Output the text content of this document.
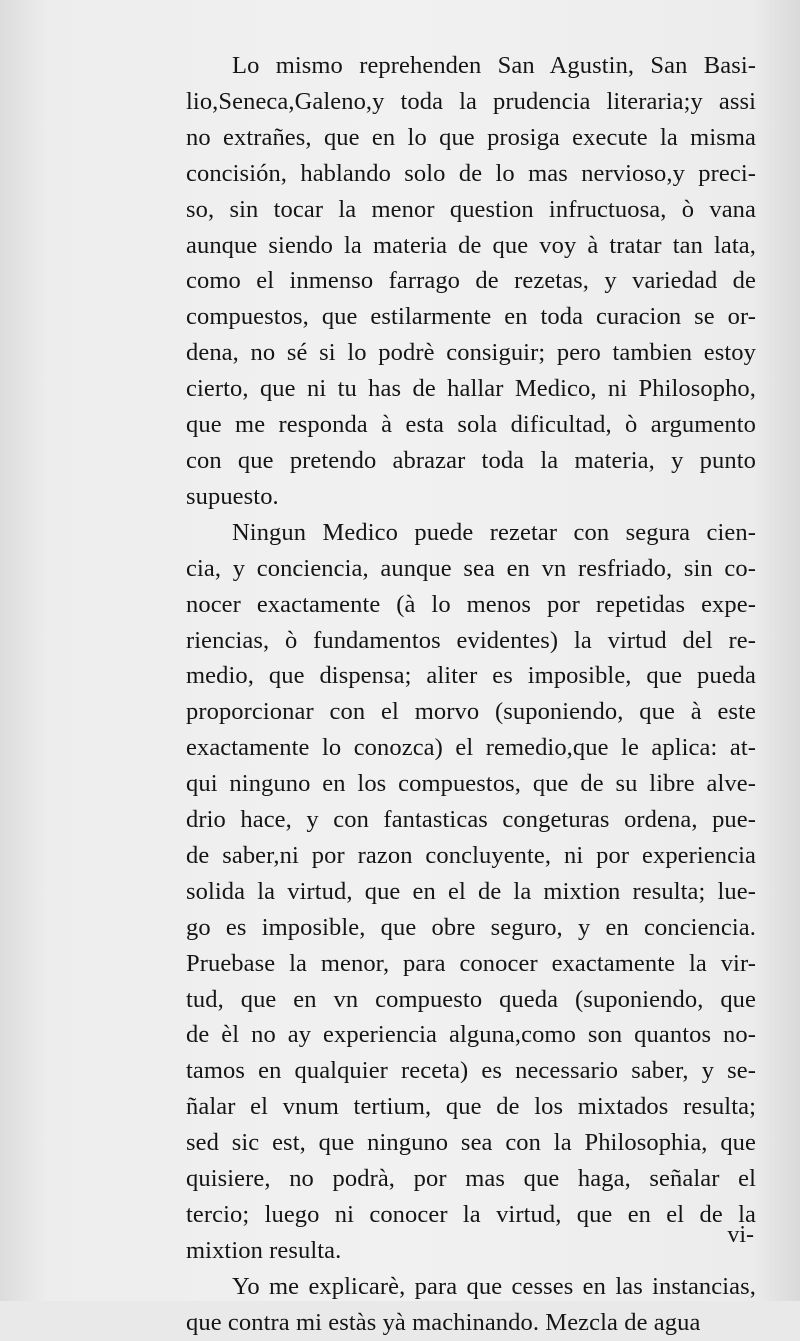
Lo mismo reprehenden San Agustin, San Basi-
lio,Seneca,Galeno,y toda la prudencia literaria;y assi
no extrañes, que en lo que prosiga execute la misma
concisión, hablando solo de lo mas nervioso,y preci-
so, sin tocar la menor question infructuosa, ò vana
aunque siendo la materia de que voy à tratar tan lata,
como el inmenso farrago de rezetas, y variedad de
compuestos, que estilarmente en toda curacion se or-
dena, no sé si lo podrè consiguir; pero tambien estoy
cierto, que ni tu has de hallar Medico, ni Philosopho,
que me responda à esta sola dificultad, ò argumento
con que pretendo abrazar toda la materia, y punto
supuesto.
Ningun Medico puede rezetar con segura cien-
cia, y conciencia, aunque sea en vn resfriado, sin co-
nocer exactamente (à lo menos por repetidas expe-
riencias, ò fundamentos evidentes) la virtud del re-
medio, que dispensa; aliter es imposible, que pueda
proporcionar con el morvo (suponiendo, que à este
exactamente lo conozca) el remedio,que le aplica: at-
qui ninguno en los compuestos, que de su libre alve-
drio hace, y con fantasticas congeturas ordena, pue-
de saber,ni por razon concluyente, ni por experiencia
solida la virtud, que en el de la mixtion resulta; lue-
go es imposible, que obre seguro, y en conciencia.
Pruebase la menor, para conocer exactamente la vir-
tud, que en vn compuesto queda (suponiendo, que
de èl no ay experiencia alguna,como son quantos no-
tamos en qualquier receta) es necessario saber, y se-
ñalar el vnum tertium, que de los mixtados resulta;
sed sic est, que ninguno sea con la Philosophia, que
quisiere, no podrà, por mas que haga, señalar el
tercio; luego ni conocer la virtud, que en el de la
mixtion resulta.
Yo me explicarè, para que cesses en las instancias,
que contra mi estàs yà machinando. Mezcla de agua
vi-
